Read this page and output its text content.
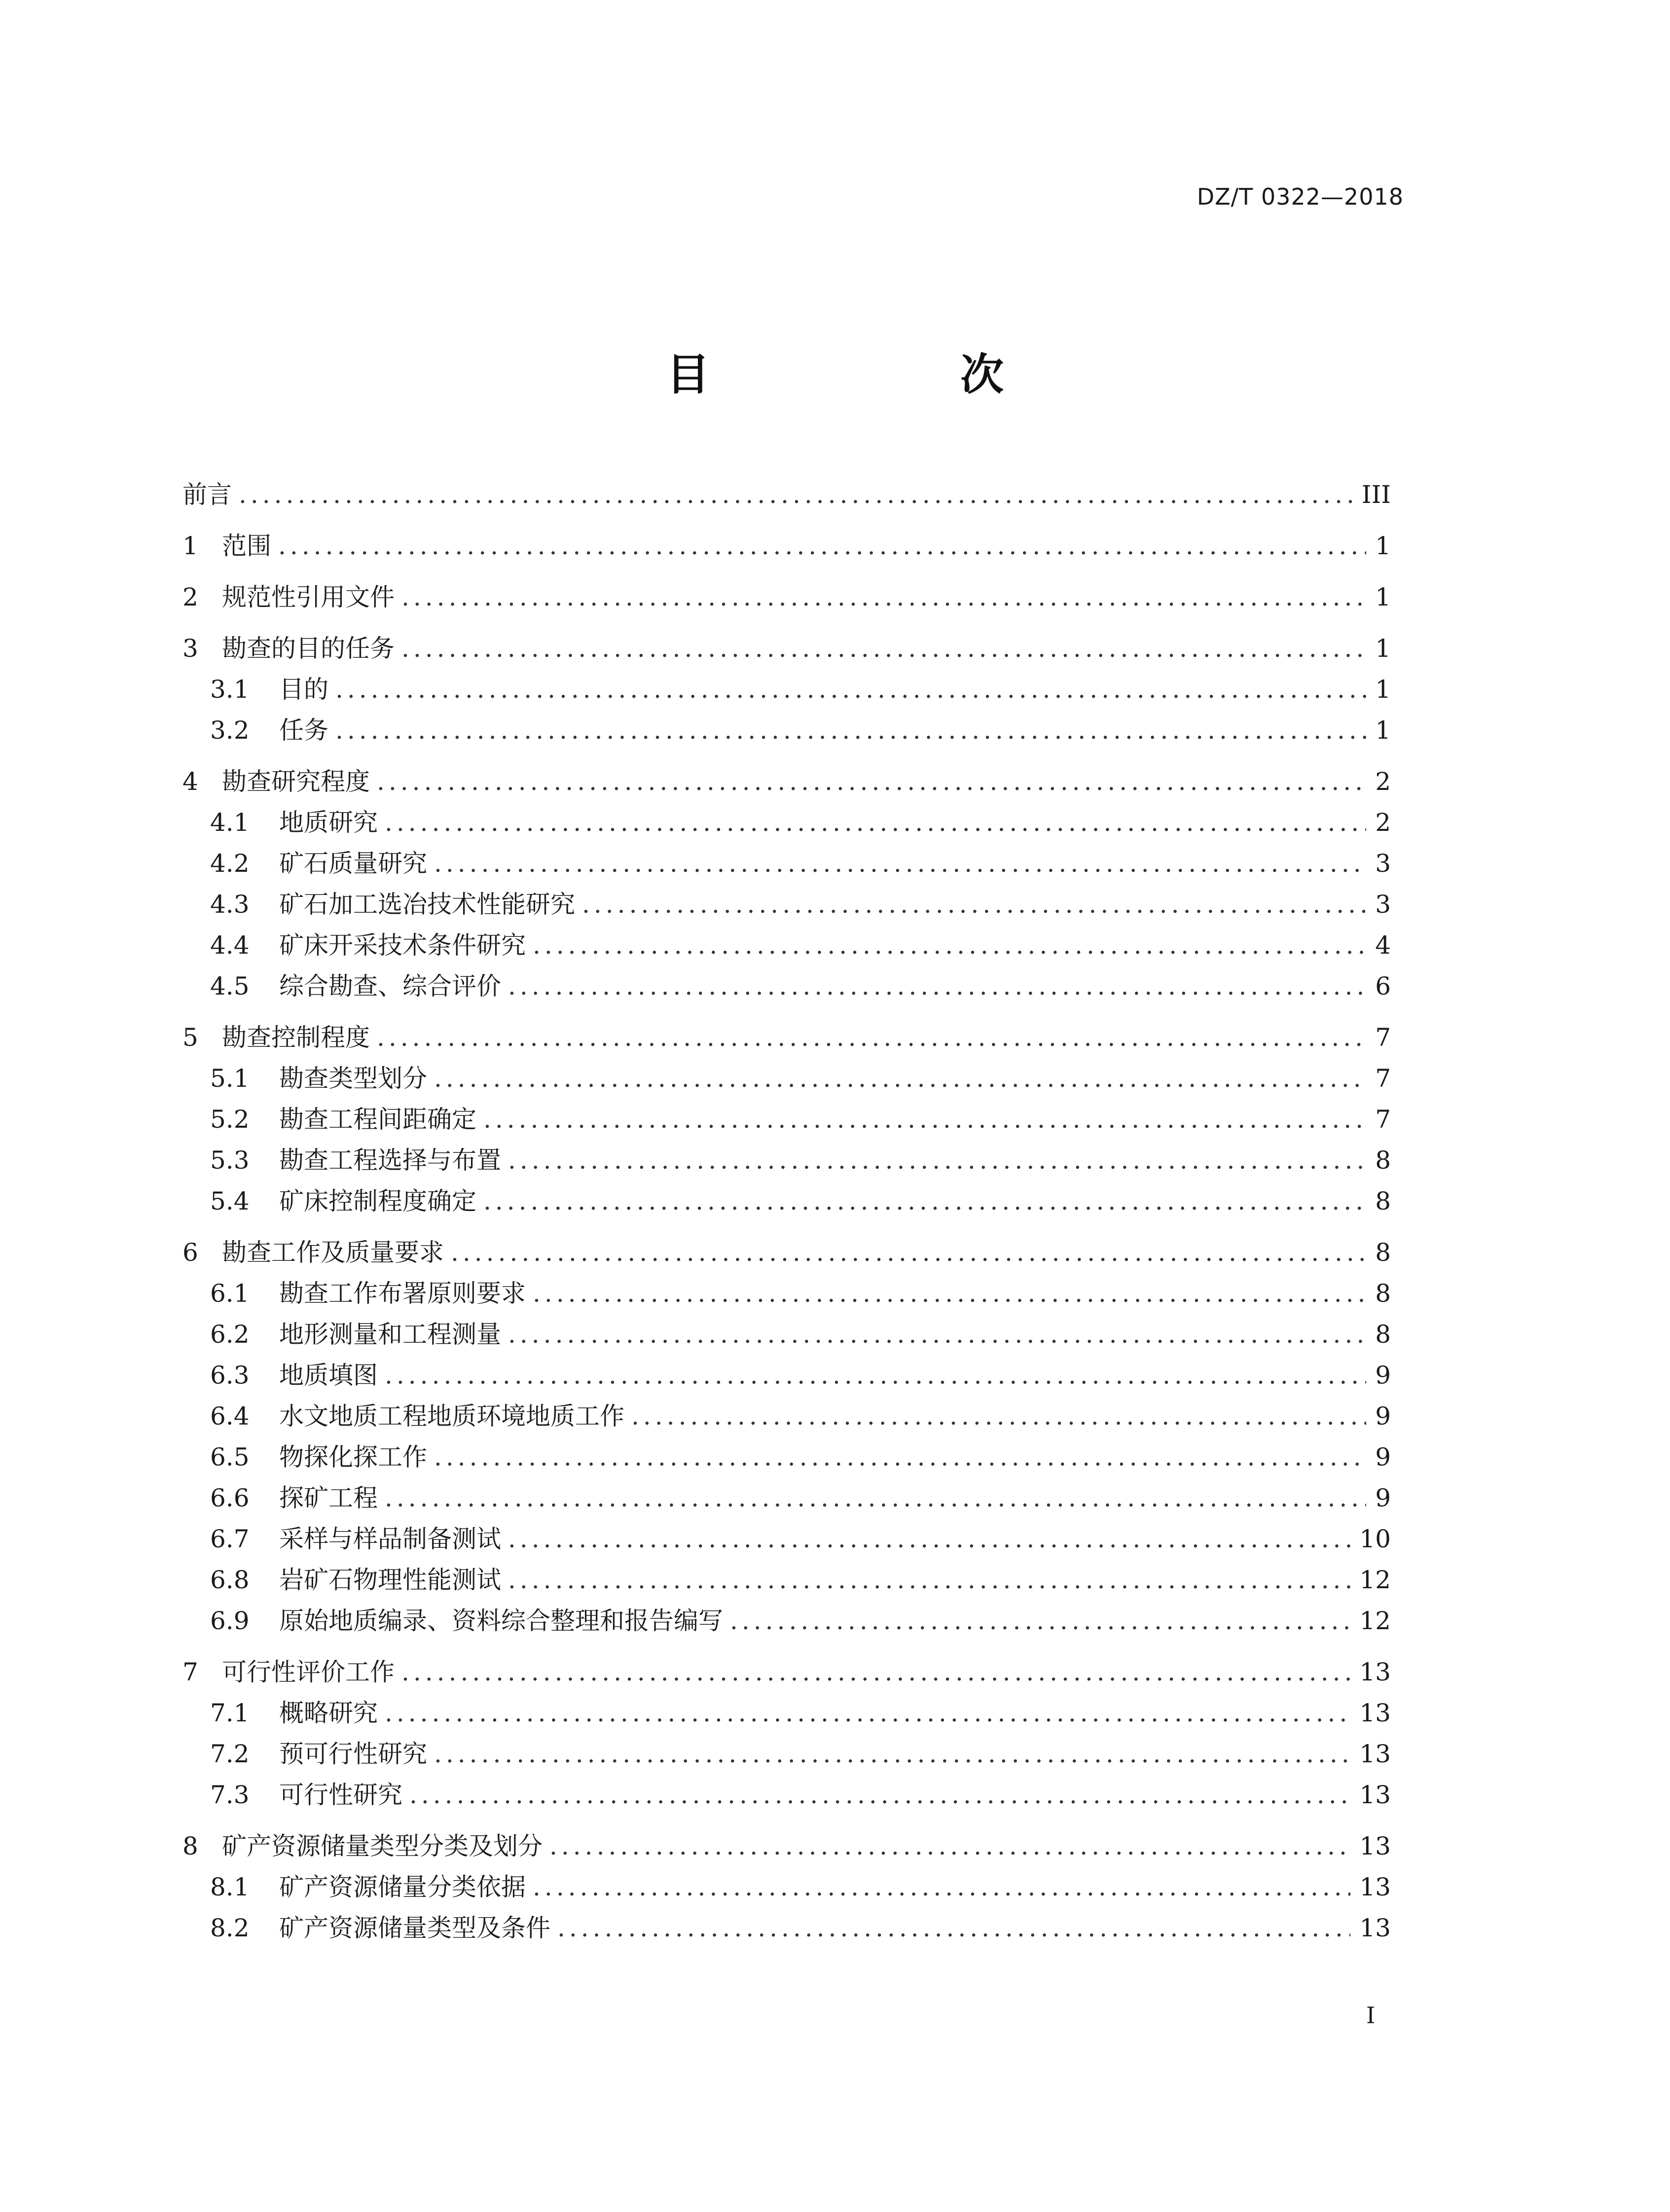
DZ/T 0322—2018
目　次
前言 .....	III
1 范围 .....	1
2 规范性引用文件 .....	1
3 勘查的目的任务 .....	1
3.1	目的 .....	1
3.2	任务 .....	1
4 勘查研究程度 .....	2
4.1	地质研究 .....	2
4.2	矿石质量研究 .....	3
4.3	矿石加工选冶技术性能研究 .....	3
4.4	矿床开采技术条件研究 .....	4
4.5	综合勘查、综合评价 .....	6
5 勘查控制程度 .....	7
5.1	勘查类型划分 .....	7
5.2	勘查工程间距确定 .....	7
5.3	勘查工程选择与布置 .....	8
5.4	矿床控制程度确定 .....	8
6 勘查工作及质量要求 .....	8
6.1	勘查工作布署原则要求 .....	8
6.2	地形测量和工程测量 .....	8
6.3	地质填图 .....	9
6.4	水文地质工程地质环境地质工作 .....	9
6.5	物探化探工作 .....	9
6.6	探矿工程 .....	9
6.7	采样与样品制备测试 .....	10
6.8	岩矿石物理性能测试 .....	12
6.9	原始地质编录、资料综合整理和报告编写 .....	12
7 可行性评价工作 .....	13
7.1	概略研究 .....	13
7.2	预可行性研究 .....	13
7.3	可行性研究 .....	13
8 矿产资源储量类型分类及划分 .....	13
8.1	矿产资源储量分类依据 .....	13
8.2	矿产资源储量类型及条件 .....	13
I
